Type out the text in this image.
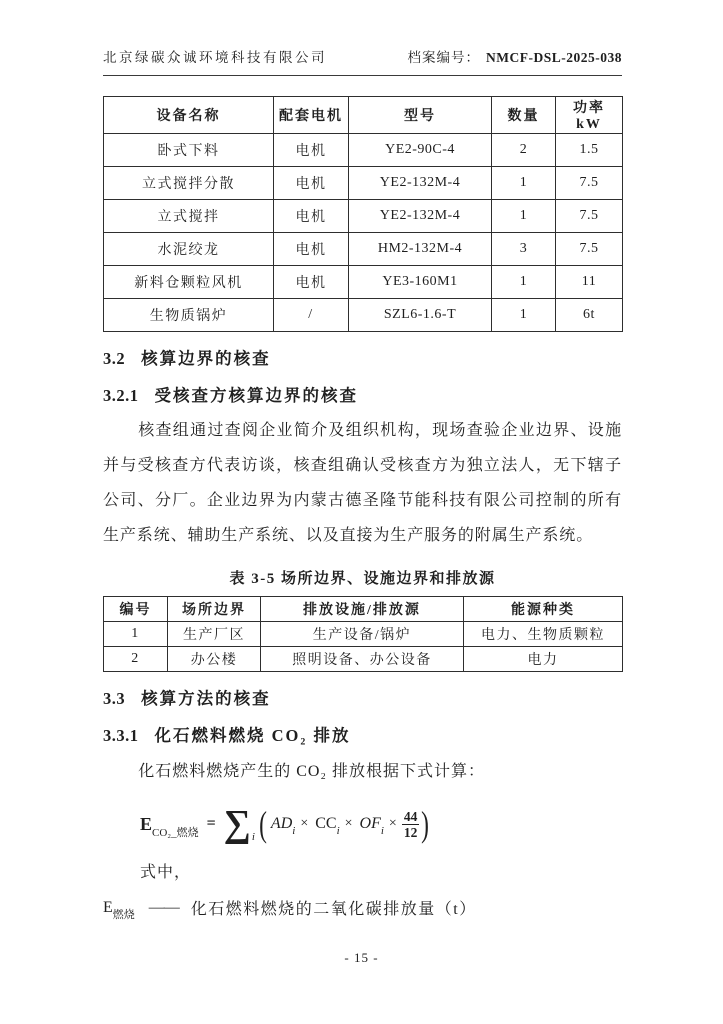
北京绿碳众诚环境科技有限公司	档案编号： NMCF-DSL-2025-038
设备名称	配套电机	型号	数量	功率 kW
卧式下料	电机	YE2-90C-4	2	1.5
立式搅拌分散	电机	YE2-132M-4	1	7.5
立式搅拌	电机	YE2-132M-4	1	7.5
水泥绞龙	电机	HM2-132M-4	3	7.5
新料仓颗粒风机	电机	YE3-160M1	1	11
生物质锅炉	/	SZL6-1.6-T	1	6t
3.2 核算边界的核查
3.2.1 受核查方核算边界的核查
核查组通过查阅企业简介及组织机构，现场查验企业边界、设施并与受核查方代表访谈，核查组确认受核查方为独立法人，无下辖子公司、分厂。企业边界为内蒙古德圣隆节能科技有限公司控制的所有生产系统、辅助生产系统、以及直接为生产服务的附属生产系统。
表 3-5 场所边界、设施边界和排放源
编号	场所边界	排放设施/排放源	能源种类
1	生产厂区	生产设备/锅炉	电力、生物质颗粒
2	办公楼	照明设备、办公设备	电力
3.3 核算方法的核查
3.3.1 化石燃料燃烧 CO₂ 排放
化石燃料燃烧产生的 CO₂ 排放根据下式计算：
$E_{CO_2\_燃烧}$
= ∑ i ( $AD_i \times CC_i \times OF_i \times \frac{44}{12}$ )
式中，
$E_{燃烧}$ —— 化石燃料燃烧的二氧化碳排放量（t）
- 15 -
